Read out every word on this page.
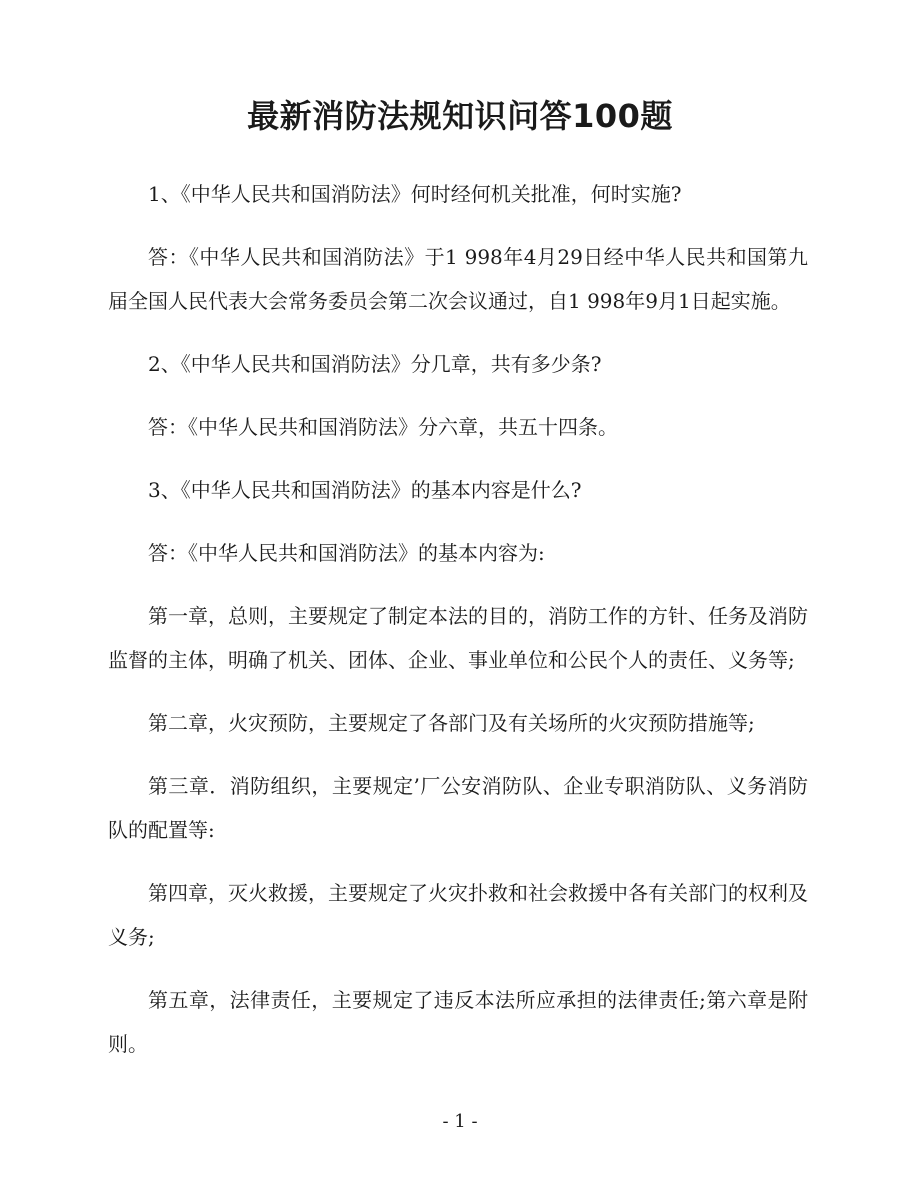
最新消防法规知识问答100题

1、《中华人民共和国消防法》何时经何机关批准，何时实施?

答：《中华人民共和国消防法》于1 998年4月29日经中华人民共和国第九届全国人民代表大会常务委员会第二次会议通过，自1 998年9月1日起实施。

2、《中华人民共和国消防法》分几章，共有多少条?

答：《中华人民共和国消防法》分六章，共五十四条。

3、《中华人民共和国消防法》的基本内容是什么?

答：《中华人民共和国消防法》的基本内容为:

第一章，总则，主要规定了制定本法的目的，消防工作的方针、任务及消防监督的主体，明确了机关、团体、企业、事业单位和公民个人的责任、义务等;

第二章，火灾预防，主要规定了各部门及有关场所的火灾预防措施等;

第三章．消防组织，主要规定’厂公安消防队、企业专职消防队、义务消防队的配置等:

第四章，灭火救援，主要规定了火灾扑救和社会救援中各有关部门的权利及义务;

第五章，法律责任，主要规定了违反本法所应承担的法律责任;第六章是附则。

- 1 -
